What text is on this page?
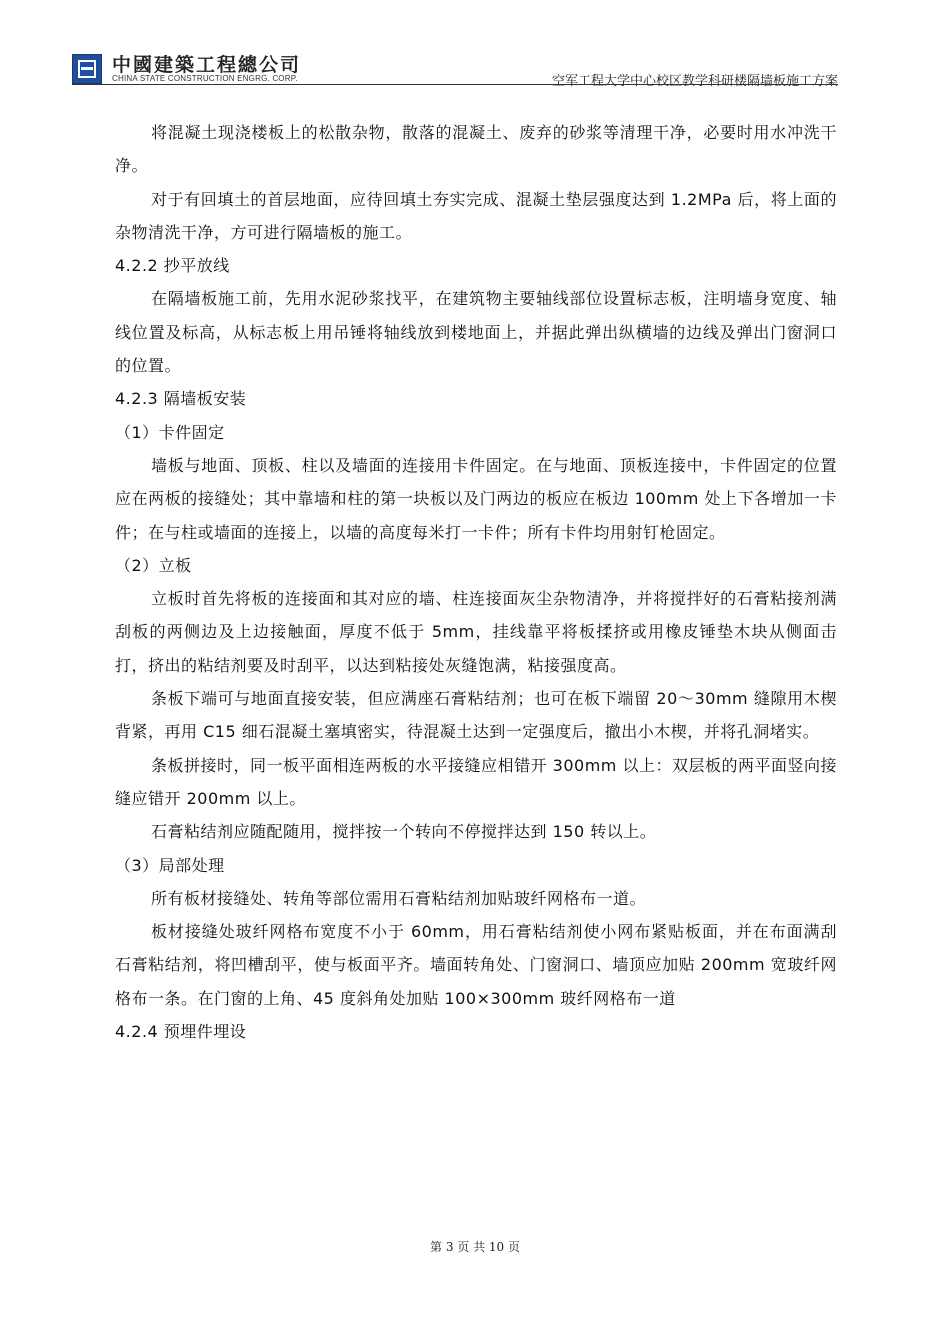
中國建築工程總公司
CHINA STATE CONSTRUCTION ENGRG. CORP.	空军工程大学中心校区教学科研楼隔墙板施工方案

将混凝土现浇楼板上的松散杂物，散落的混凝土、废弃的砂浆等清理干净，必要时用水冲洗干净。

对于有回填土的首层地面，应待回填土夯实完成、混凝土垫层强度达到 1.2MPa 后，将上面的杂物清洗干净，方可进行隔墙板的施工。

4.2.2 抄平放线

在隔墙板施工前，先用水泥砂浆找平，在建筑物主要轴线部位设置标志板，注明墙身宽度、轴线位置及标高，从标志板上用吊锤将轴线放到楼地面上，并据此弹出纵横墙的边线及弹出门窗洞口的位置。

4.2.3 隔墙板安装

（1）卡件固定

墙板与地面、顶板、柱以及墙面的连接用卡件固定。在与地面、顶板连接中，卡件固定的位置应在两板的接缝处；其中靠墙和柱的第一块板以及门两边的板应在板边 100mm 处上下各增加一卡件；在与柱或墙面的连接上，以墙的高度每米打一卡件；所有卡件均用射钉枪固定。

（2）立板

立板时首先将板的连接面和其对应的墙、柱连接面灰尘杂物清净，并将搅拌好的石膏粘接剂满刮板的两侧边及上边接触面，厚度不低于 5mm，挂线靠平将板揉挤或用橡皮锤垫木块从侧面击打，挤出的粘结剂要及时刮平，以达到粘接处灰缝饱满，粘接强度高。

条板下端可与地面直接安装，但应满座石膏粘结剂；也可在板下端留 20～30mm 缝隙用木楔背紧，再用 C15 细石混凝土塞填密实，待混凝土达到一定强度后，撤出小木楔，并将孔洞堵实。

条板拼接时，同一板平面相连两板的水平接缝应相错开 300mm 以上：双层板的两平面竖向接缝应错开 200mm 以上。

石膏粘结剂应随配随用，搅拌按一个转向不停搅拌达到 150 转以上。

（3）局部处理

所有板材接缝处、转角等部位需用石膏粘结剂加贴玻纤网格布一道。

板材接缝处玻纤网格布宽度不小于 60mm，用石膏粘结剂使小网布紧贴板面，并在布面满刮石膏粘结剂，将凹槽刮平，使与板面平齐。墙面转角处、门窗洞口、墙顶应加贴 200mm 宽玻纤网格布一条。在门窗的上角、45 度斜角处加贴 100×300mm 玻纤网格布一道

4.2.4 预埋件埋设

第 3 页 共 10 页
